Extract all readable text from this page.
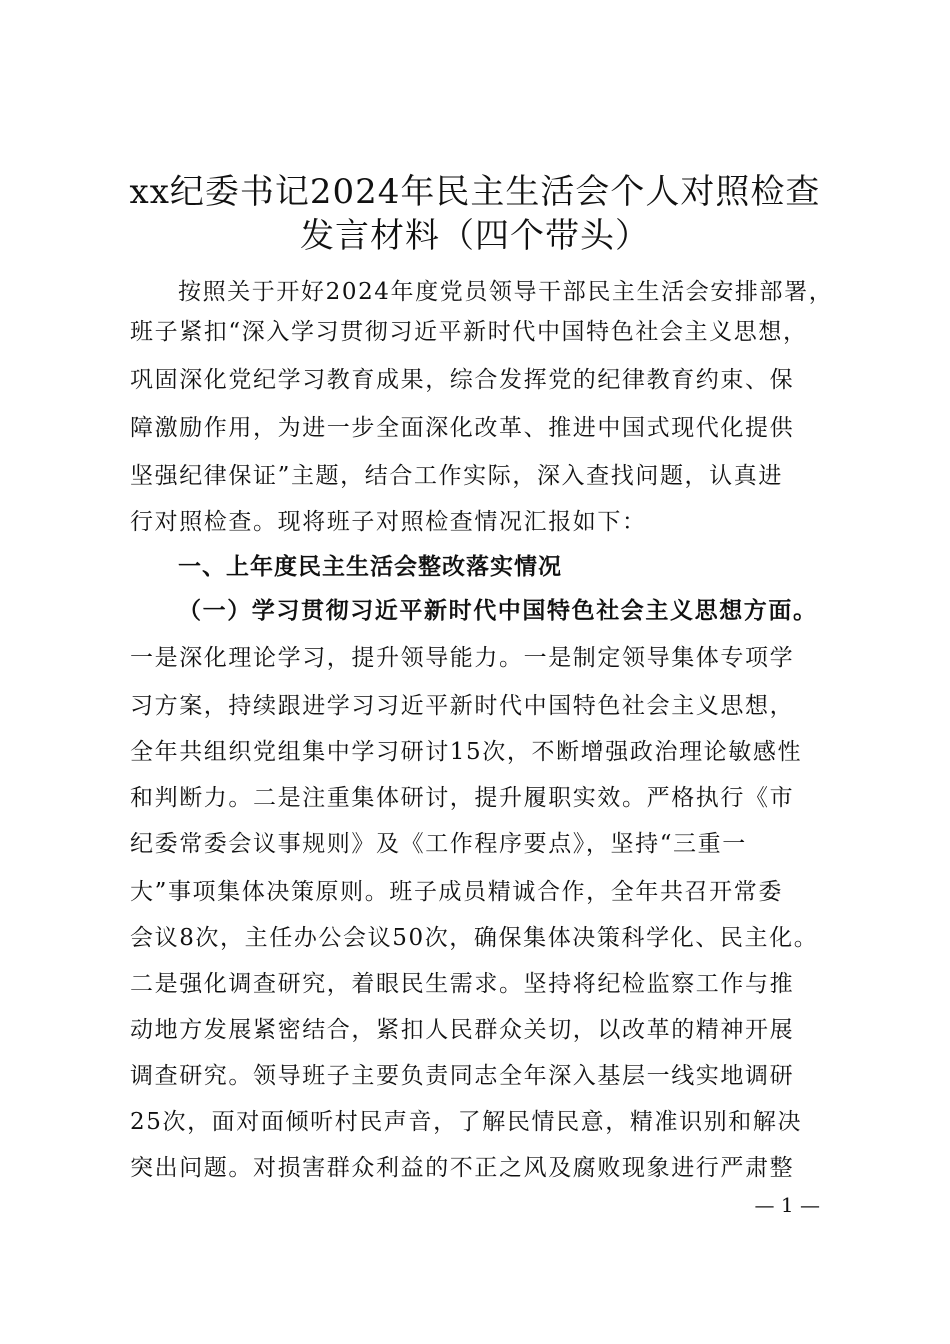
xx纪委书记2024年民主生活会个人对照检查
发言材料（四个带头）
按照关于开好2024年度党员领导干部民主生活会安排部署，
班子紧扣“深入学习贯彻习近平新时代中国特色社会主义思想，
巩固深化党纪学习教育成果，综合发挥党的纪律教育约束、保
障激励作用，为进一步全面深化改革、推进中国式现代化提供
坚强纪律保证”主题，结合工作实际，深入查找问题，认真进
行对照检查。现将班子对照检查情况汇报如下：
一、上年度民主生活会整改落实情况
（一）学习贯彻习近平新时代中国特色社会主义思想方面。
一是深化理论学习，提升领导能力。一是制定领导集体专项学
习方案，持续跟进学习习近平新时代中国特色社会主义思想，
全年共组织党组集中学习研讨15次，不断增强政治理论敏感性
和判断力。二是注重集体研讨，提升履职实效。严格执行《市
纪委常委会议事规则》及《工作程序要点》，坚持“三重一
大”事项集体决策原则。班子成员精诚合作，全年共召开常委
会议8次，主任办公会议50次，确保集体决策科学化、民主化。
二是强化调查研究，着眼民生需求。坚持将纪检监察工作与推
动地方发展紧密结合，紧扣人民群众关切，以改革的精神开展
调查研究。领导班子主要负责同志全年深入基层一线实地调研
25次，面对面倾听村民声音，了解民情民意，精准识别和解决
突出问题。对损害群众利益的不正之风及腐败现象进行严肃整
— 1 —
